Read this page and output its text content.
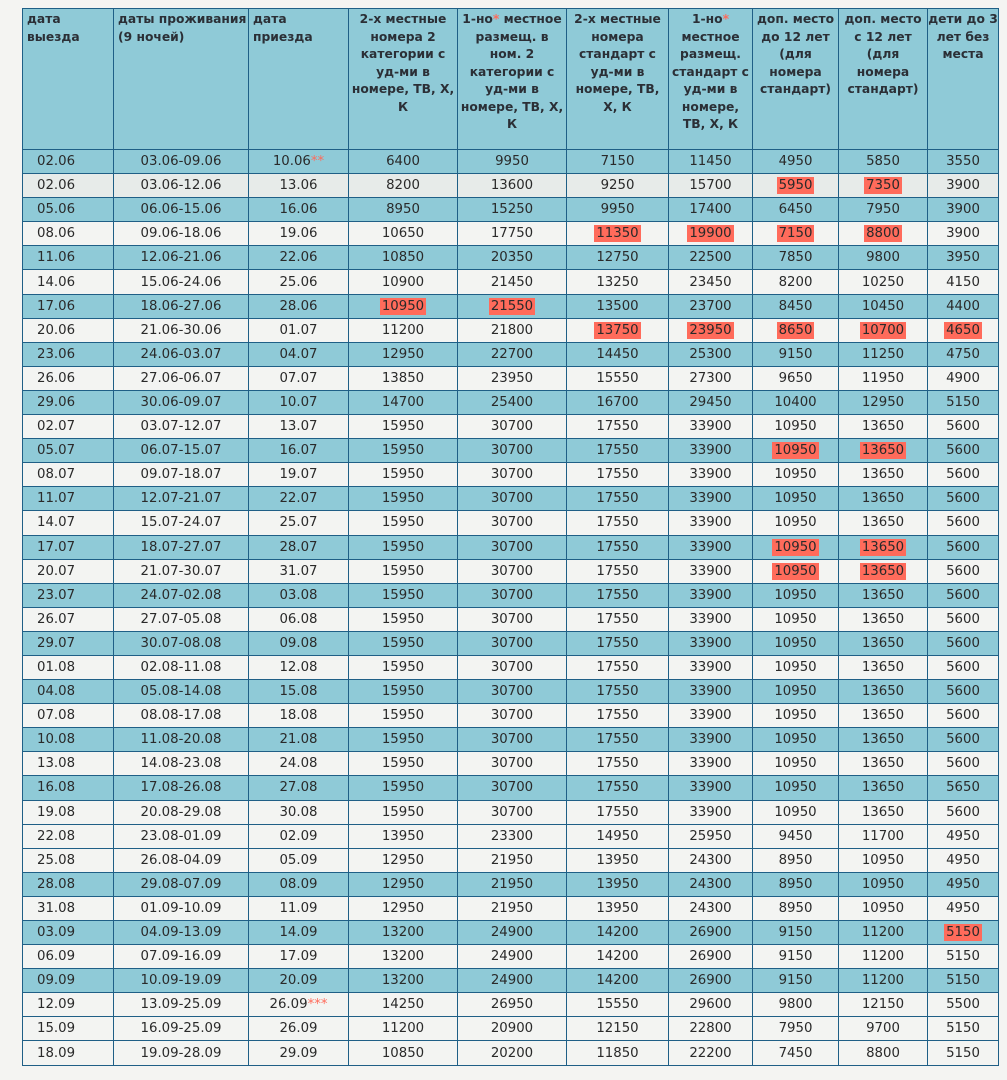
дата выезда	даты проживания (9 ночей)	дата приезда	2-х местные номера 2 категории с уд-ми в номере, ТВ, Х, К	1-но* местное размещ. в ном. 2 категории с уд-ми в номере, ТВ, Х, К	2-х местные номера стандарт с уд-ми в номере, ТВ, Х, К	1-но* местное размещ. стандарт с уд-ми в номере, ТВ, Х, К	доп. место до 12 лет (для номера стандарт)	доп. место с 12 лет (для номера стандарт)	дети до 3 лет без места
02.06	03.06-09.06	10.06**	6400	9950	7150	11450	4950	5850	3550
02.06	03.06-12.06	13.06	8200	13600	9250	15700	5950	7350	3900
05.06	06.06-15.06	16.06	8950	15250	9950	17400	6450	7950	3900
08.06	09.06-18.06	19.06	10650	17750	11350	19900	7150	8800	3900
11.06	12.06-21.06	22.06	10850	20350	12750	22500	7850	9800	3950
14.06	15.06-24.06	25.06	10900	21450	13250	23450	8200	10250	4150
17.06	18.06-27.06	28.06	10950	21550	13500	23700	8450	10450	4400
20.06	21.06-30.06	01.07	11200	21800	13750	23950	8650	10700	4650
23.06	24.06-03.07	04.07	12950	22700	14450	25300	9150	11250	4750
26.06	27.06-06.07	07.07	13850	23950	15550	27300	9650	11950	4900
29.06	30.06-09.07	10.07	14700	25400	16700	29450	10400	12950	5150
02.07	03.07-12.07	13.07	15950	30700	17550	33900	10950	13650	5600
05.07	06.07-15.07	16.07	15950	30700	17550	33900	10950	13650	5600
08.07	09.07-18.07	19.07	15950	30700	17550	33900	10950	13650	5600
11.07	12.07-21.07	22.07	15950	30700	17550	33900	10950	13650	5600
14.07	15.07-24.07	25.07	15950	30700	17550	33900	10950	13650	5600
17.07	18.07-27.07	28.07	15950	30700	17550	33900	10950	13650	5600
20.07	21.07-30.07	31.07	15950	30700	17550	33900	10950	13650	5600
23.07	24.07-02.08	03.08	15950	30700	17550	33900	10950	13650	5600
26.07	27.07-05.08	06.08	15950	30700	17550	33900	10950	13650	5600
29.07	30.07-08.08	09.08	15950	30700	17550	33900	10950	13650	5600
01.08	02.08-11.08	12.08	15950	30700	17550	33900	10950	13650	5600
04.08	05.08-14.08	15.08	15950	30700	17550	33900	10950	13650	5600
07.08	08.08-17.08	18.08	15950	30700	17550	33900	10950	13650	5600
10.08	11.08-20.08	21.08	15950	30700	17550	33900	10950	13650	5600
13.08	14.08-23.08	24.08	15950	30700	17550	33900	10950	13650	5600
16.08	17.08-26.08	27.08	15950	30700	17550	33900	10950	13650	5650
19.08	20.08-29.08	30.08	15950	30700	17550	33900	10950	13650	5600
22.08	23.08-01.09	02.09	13950	23300	14950	25950	9450	11700	4950
25.08	26.08-04.09	05.09	12950	21950	13950	24300	8950	10950	4950
28.08	29.08-07.09	08.09	12950	21950	13950	24300	8950	10950	4950
31.08	01.09-10.09	11.09	12950	21950	13950	24300	8950	10950	4950
03.09	04.09-13.09	14.09	13200	24900	14200	26900	9150	11200	5150
06.09	07.09-16.09	17.09	13200	24900	14200	26900	9150	11200	5150
09.09	10.09-19.09	20.09	13200	24900	14200	26900	9150	11200	5150
12.09	13.09-25.09	26.09***	14250	26950	15550	29600	9800	12150	5500
15.09	16.09-25.09	26.09	11200	20900	12150	22800	7950	9700	5150
18.09	19.09-28.09	29.09	10850	20200	11850	22200	7450	8800	5150
